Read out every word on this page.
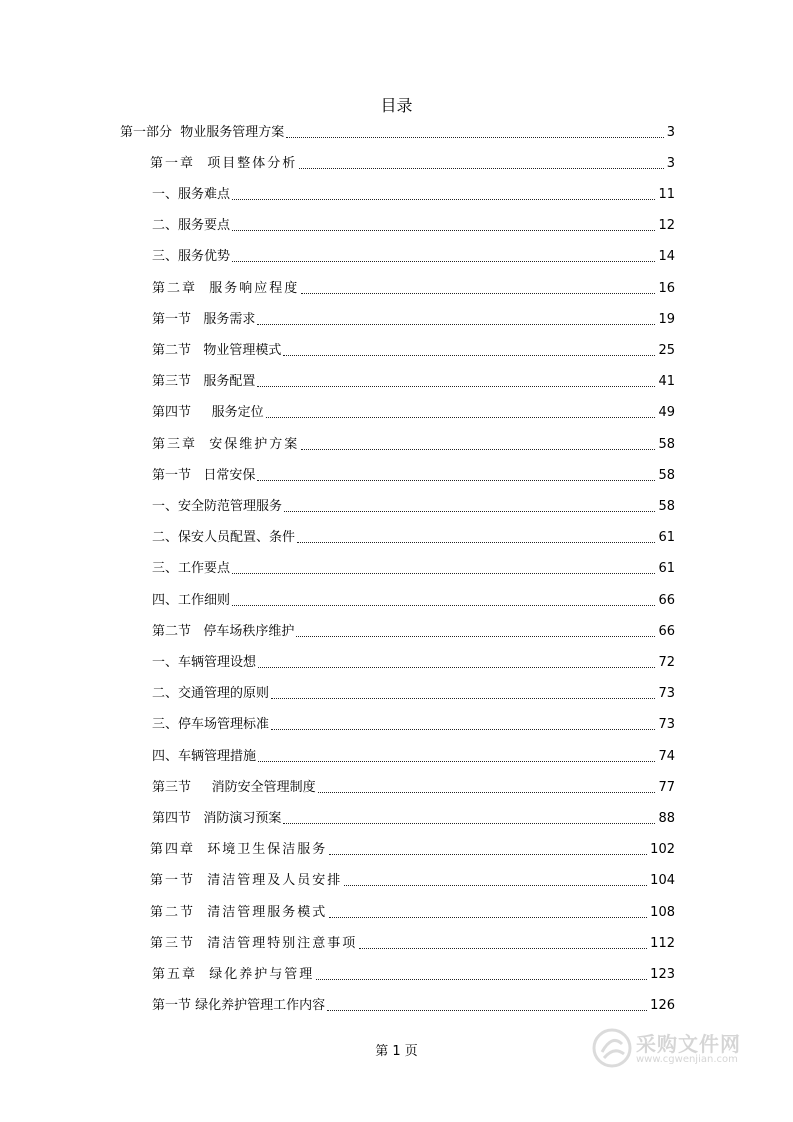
目录
第一部分  物业服务管理方案	3
第一章  项目整体分析	3
一、服务难点	11
二、服务要点	12
三、服务优势	14
第二章  服务响应程度	16
第一节   服务需求	19
第二节   物业管理模式	25
第三节   服务配置	41
第四节     服务定位	49
第三章  安保维护方案	58
第一节   日常安保	58
一、安全防范管理服务	58
二、保安人员配置、条件	61
三、工作要点	61
四、工作细则	66
第二节   停车场秩序维护	66
一、车辆管理设想	72
二、交通管理的原则	73
三、停车场管理标准	73
四、车辆管理措施	74
第三节     消防安全管理制度	77
第四节   消防演习预案	88
第四章  环境卫生保洁服务	102
第一节  清洁管理及人员安排	104
第二节  清洁管理服务模式	108
第三节  清洁管理特别注意事项	112
第五章  绿化养护与管理	123
第一节 绿化养护管理工作内容	126
第 1 页	采购文件网
www.cgwenjian.com
